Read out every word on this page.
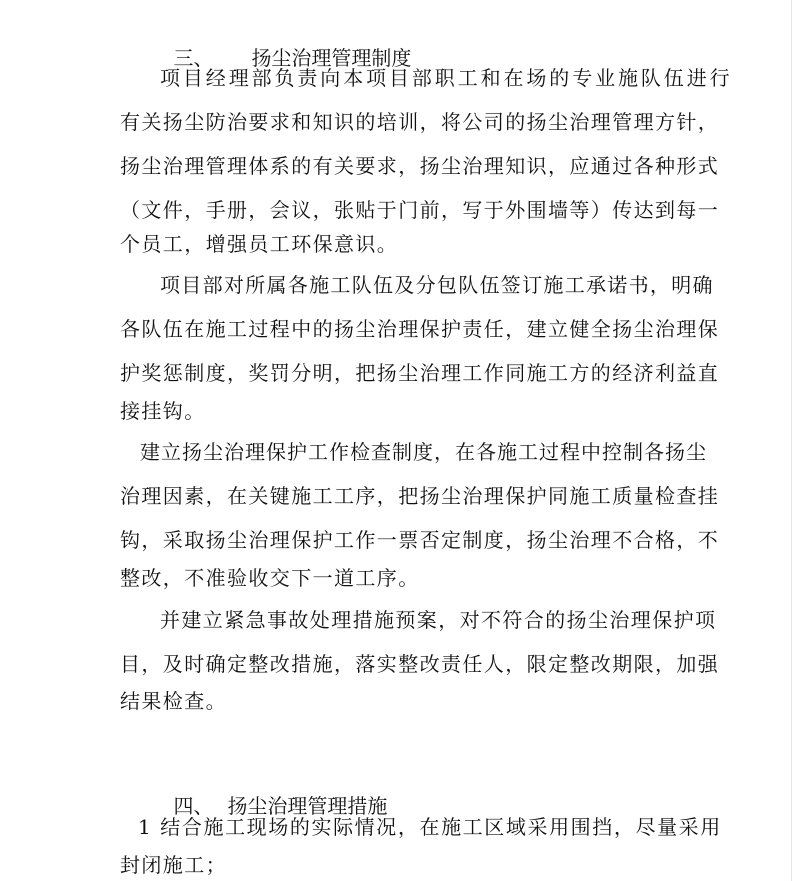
三、 扬尘治理管理制度

项目经理部负责向本项目部职工和在场的专业施队伍进行
有关扬尘防治要求和知识的培训，将公司的扬尘治理管理方针，
扬尘治理管理体系的有关要求，扬尘治理知识，应通过各种形式
（文件，手册，会议，张贴于门前，写于外围墙等）传达到每一
个员工，增强员工环保意识。
项目部对所属各施工队伍及分包队伍签订施工承诺书，明确
各队伍在施工过程中的扬尘治理保护责任，建立健全扬尘治理保
护奖惩制度，奖罚分明，把扬尘治理工作同施工方的经济利益直
接挂钩。
建立扬尘治理保护工作检查制度，在各施工过程中控制各扬尘
治理因素，在关键施工工序，把扬尘治理保护同施工质量检查挂
钩，采取扬尘治理保护工作一票否定制度，扬尘治理不合格，不
整改，不准验收交下一道工序。
并建立紧急事故处理措施预案，对不符合的扬尘治理保护项
目，及时确定整改措施，落实整改责任人，限定整改期限，加强
结果检查。

四、 扬尘治理管理措施

1 结合施工现场的实际情况，在施工区域采用围挡，尽量采用
封闭施工；
